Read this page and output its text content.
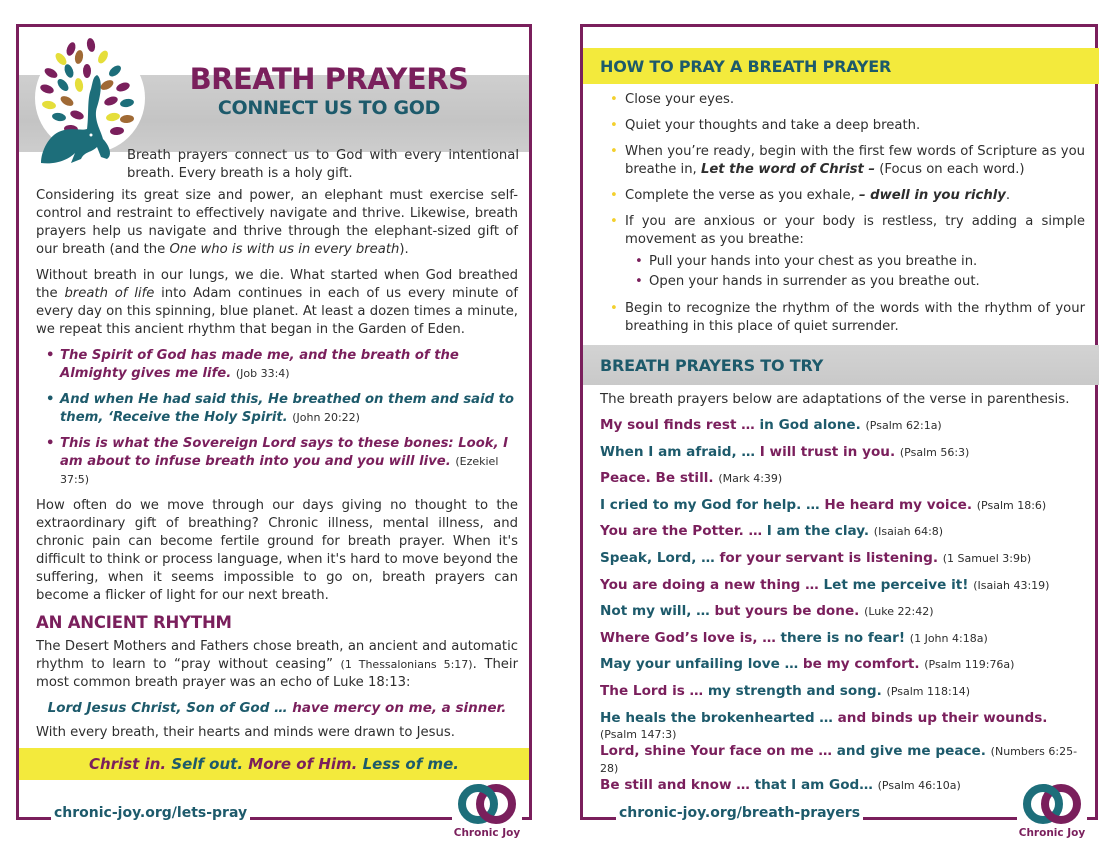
BREATH PRAYERS
CONNECT US TO GOD

Breath prayers connect us to God with every intentional breath. Every breath is a holy gift.

Considering its great size and power, an elephant must exercise self-control and restraint to effectively navigate and thrive. Likewise, breath prayers help us navigate and thrive through the elephant-sized gift of our breath (and the One who is with us in every breath).

Without breath in our lungs, we die. What started when God breathed the breath of life into Adam continues in each of us every minute of every day on this spinning, blue planet. At least a dozen times a minute, we repeat this ancient rhythm that began in the Garden of Eden.

• The Spirit of God has made me, and the breath of the Almighty gives me life. (Job 33:4)
• And when He had said this, He breathed on them and said to them, ‘Receive the Holy Spirit. (John 20:22)
• This is what the Sovereign Lord says to these bones: Look, I am about to infuse breath into you and you will live. (Ezekiel 37:5)

How often do we move through our days giving no thought to the extraordinary gift of breathing? Chronic illness, mental illness, and chronic pain can become fertile ground for breath prayer. When it's difficult to think or process language, when it's hard to move beyond the suffering, when it seems impossible to go on, breath prayers can become a flicker of light for our next breath.

AN ANCIENT RHYTHM

The Desert Mothers and Fathers chose breath, an ancient and automatic rhythm to learn to “pray without ceasing” (1 Thessalonians 5:17). Their most common breath prayer was an echo of Luke 18:13:

Lord Jesus Christ, Son of God … have mercy on me, a sinner.

With every breath, their hearts and minds were drawn to Jesus.

Christ in. Self out. More of Him. Less of me.
chronic-joy.org/lets-pray
Chronic Joy
HOW TO PRAY A BREATH PRAYER
• Close your eyes.
• Quiet your thoughts and take a deep breath.
• When you’re ready, begin with the first few words of Scripture as you breathe in, Let the word of Christ – (Focus on each word.)
• Complete the verse as you exhale, – dwell in you richly.
• If you are anxious or your body is restless, try adding a simple movement as you breathe:
• Pull your hands into your chest as you breathe in.
• Open your hands in surrender as you breathe out.
• Begin to recognize the rhythm of the words with the rhythm of your breathing in this place of quiet surrender.
BREATH PRAYERS TO TRY

The breath prayers below are adaptations of the verse in parenthesis.

My soul finds rest … in God alone. (Psalm 62:1a)
When I am afraid, … I will trust in you. (Psalm 56:3)
Peace. Be still. (Mark 4:39)
I cried to my God for help. … He heard my voice. (Psalm 18:6)
You are the Potter. … I am the clay. (Isaiah 64:8)
Speak, Lord, … for your servant is listening. (1 Samuel 3:9b)
You are doing a new thing … Let me perceive it! (Isaiah 43:19)
Not my will, … but yours be done. (Luke 22:42)
Where God’s love is, … there is no fear! (1 John 4:18a)
May your unfailing love … be my comfort. (Psalm 119:76a)
The Lord is … my strength and song. (Psalm 118:14)
He heals the brokenhearted … and binds up their wounds.
(Psalm 147:3)
Lord, shine Your face on me … and give me peace. (Numbers 6:25-28)
Be still and know … that I am God… (Psalm 46:10a)
chronic-joy.org/breath-prayers
Chronic Joy
